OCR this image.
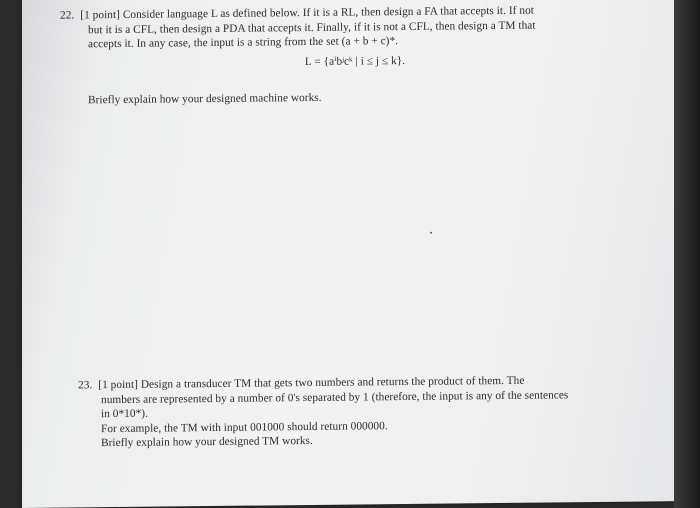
22. [1 point] Consider language L as defined below. If it is a RL, then design a FA that accepts it. If not
but it is a CFL, then design a PDA that accepts it. Finally, if it is not a CFL, then design a TM that
accepts it. In any case, the input is a string from the set (a + b + c)*.
L = {aⁱbʲcᵏ | i ≤ j ≤ k}.
Briefly explain how your designed machine works.
23. [1 point] Design a transducer TM that gets two numbers and returns the product of them. The
numbers are represented by a number of 0's separated by 1 (therefore, the input is any of the sentences
in 0*10*).
For example, the TM with input 001000 should return 000000.
Briefly explain how your designed TM works.
